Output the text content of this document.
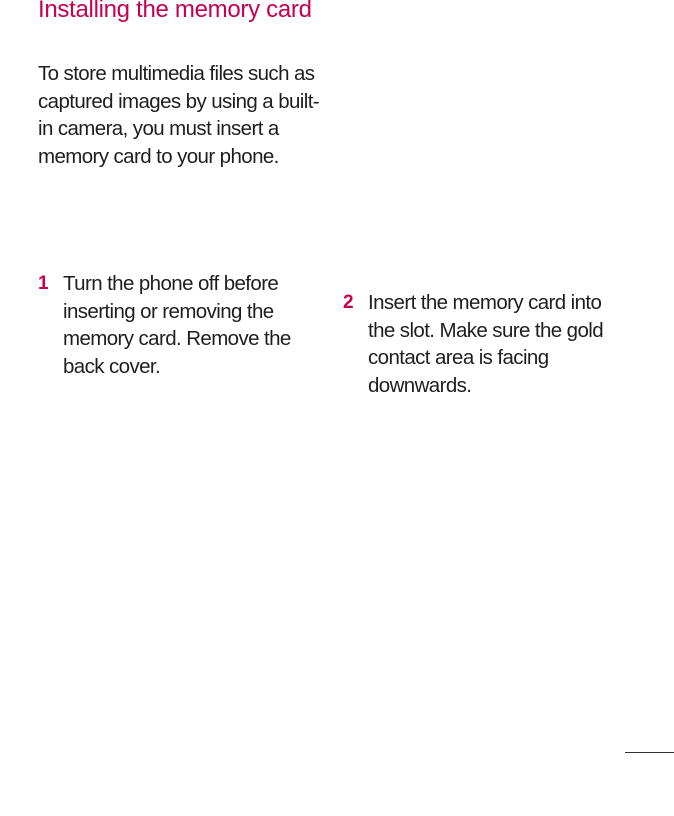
Installing the memory card

To store multimedia files such as captured images by using a built-in camera, you must insert a memory card to your phone.

1 Turn the phone off before inserting or removing the memory card. Remove the back cover.

2 Insert the memory card into the slot. Make sure the gold contact area is facing downwards.
